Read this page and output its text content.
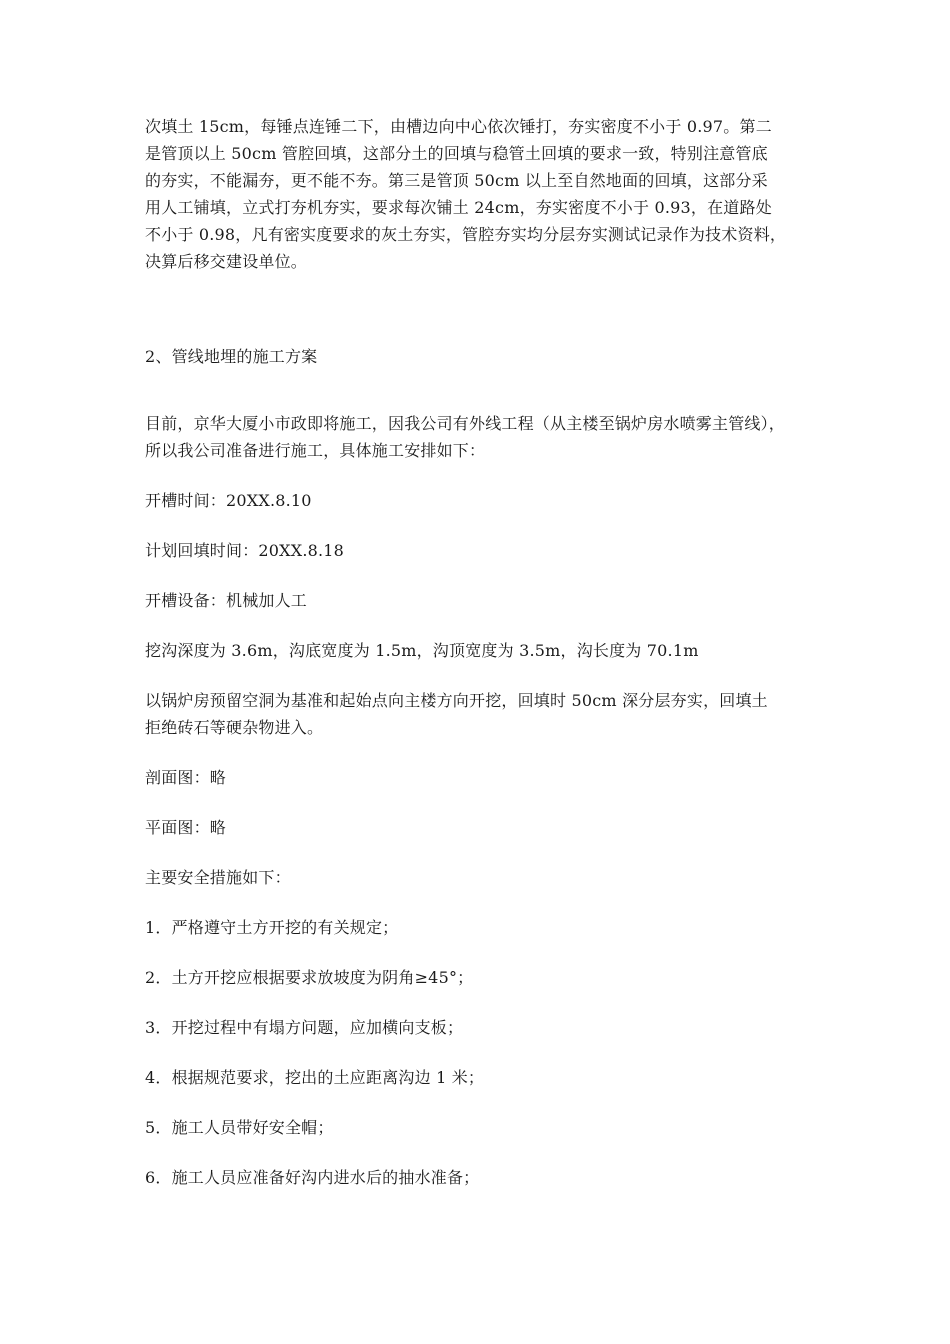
次填土 15cm，每锤点连锤二下，由槽边向中心依次锤打，夯实密度不小于 0.97。第二
是管顶以上 50cm 管腔回填，这部分土的回填与稳管土回填的要求一致，特别注意管底
的夯实，不能漏夯，更不能不夯。第三是管顶 50cm 以上至自然地面的回填，这部分采
用人工铺填，立式打夯机夯实，要求每次铺土 24cm，夯实密度不小于 0.93，在道路处
不小于 0.98，凡有密实度要求的灰土夯实，管腔夯实均分层夯实测试记录作为技术资料，
决算后移交建设单位。

2、管线地埋的施工方案

目前，京华大厦小市政即将施工，因我公司有外线工程（从主楼至锅炉房水喷雾主管线），
所以我公司准备进行施工，具体施工安排如下：

开槽时间：20XX.8.10

计划回填时间：20XX.8.18

开槽设备：机械加人工

挖沟深度为 3.6m，沟底宽度为 1.5m，沟顶宽度为 3.5m，沟长度为 70.1m

以锅炉房预留空洞为基准和起始点向主楼方向开挖，回填时 50cm 深分层夯实，回填土
拒绝砖石等硬杂物进入。

剖面图：略

平面图：略

主要安全措施如下：

1．严格遵守土方开挖的有关规定；

2．土方开挖应根据要求放坡度为阴角≥45°；

3．开挖过程中有塌方问题，应加横向支板；

4．根据规范要求，挖出的土应距离沟边 1 米；

5．施工人员带好安全帽；

6．施工人员应准备好沟内进水后的抽水准备；
